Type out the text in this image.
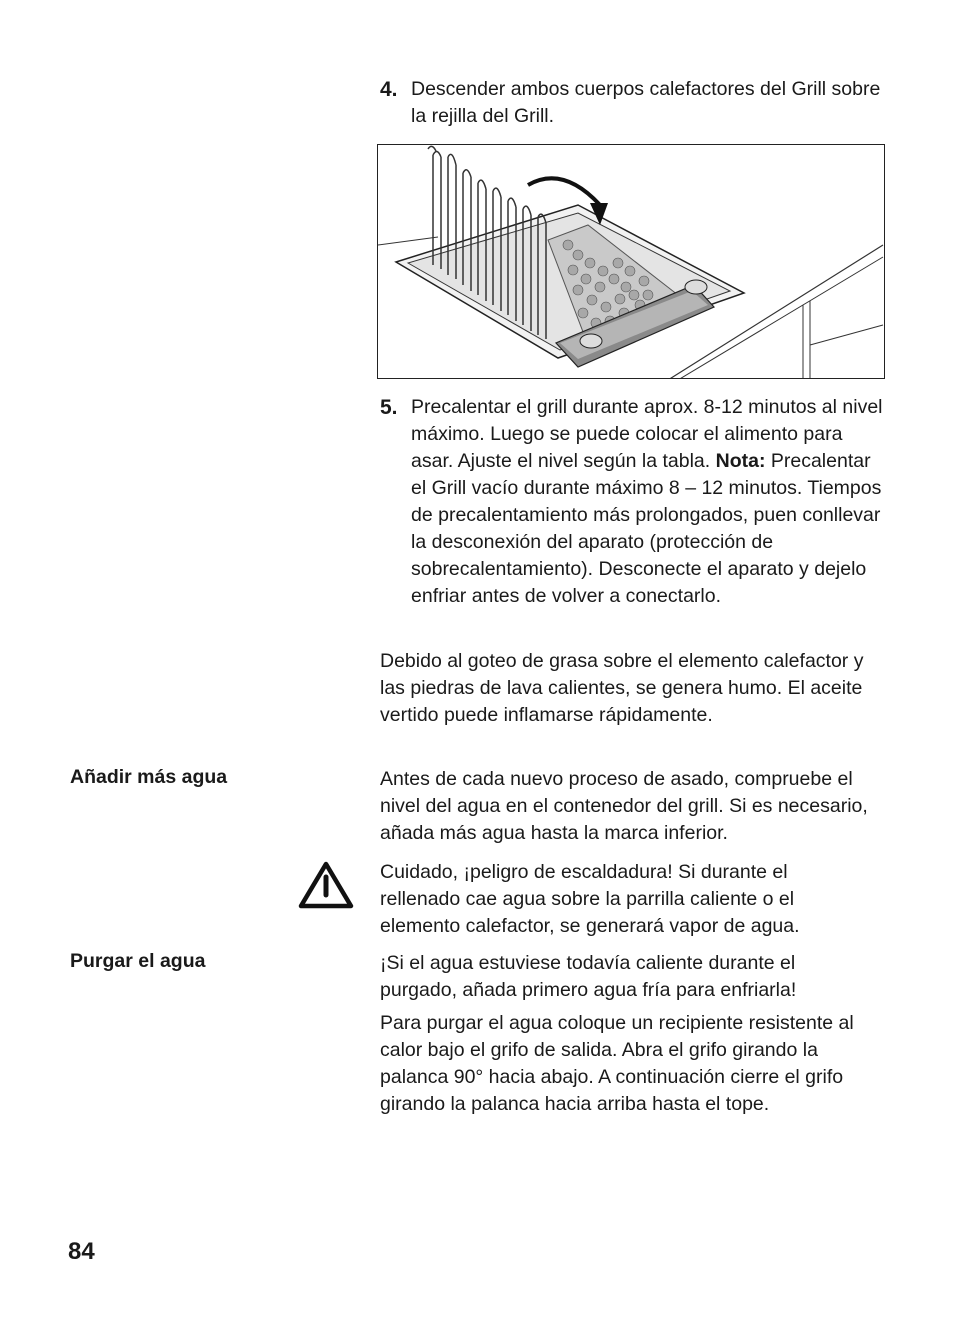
4. Descender ambos cuerpos calefactores del Grill sobre la rejilla del Grill.
5. Precalentar el grill durante aprox. 8-12 minutos al nivel máximo. Luego se puede colocar el alimento para asar. Ajuste el nivel según la tabla. Nota: Precalentar el Grill vacío durante máximo 8 – 12 minutos. Tiempos de precalentamiento más prolongados, puen conllevar la desconexión del aparato (protección de sobrecalentamiento). Desconecte el aparato y dejelo enfriar antes de volver a conectarlo.
Debido al goteo de grasa sobre el elemento calefactor y las piedras de lava calientes, se genera humo. El aceite vertido puede inflamarse rápidamente.
Añadir más agua	Antes de cada nuevo proceso de asado, compruebe el nivel del agua en el contenedor del grill. Si es necesario, añada más agua hasta la marca inferior.
Cuidado, ¡peligro de escaldadura! Si durante el rellenado cae agua sobre la parrilla caliente o el elemento calefactor, se generará vapor de agua.
Purgar el agua	¡Si el agua estuviese todavía caliente durante el purgado, añada primero agua fría para enfriarla!
Para purgar el agua coloque un recipiente resistente al calor bajo el grifo de salida. Abra el grifo girando la palanca 90° hacia abajo. A continuación cierre el grifo girando la palanca hacia arriba hasta el tope.
84
